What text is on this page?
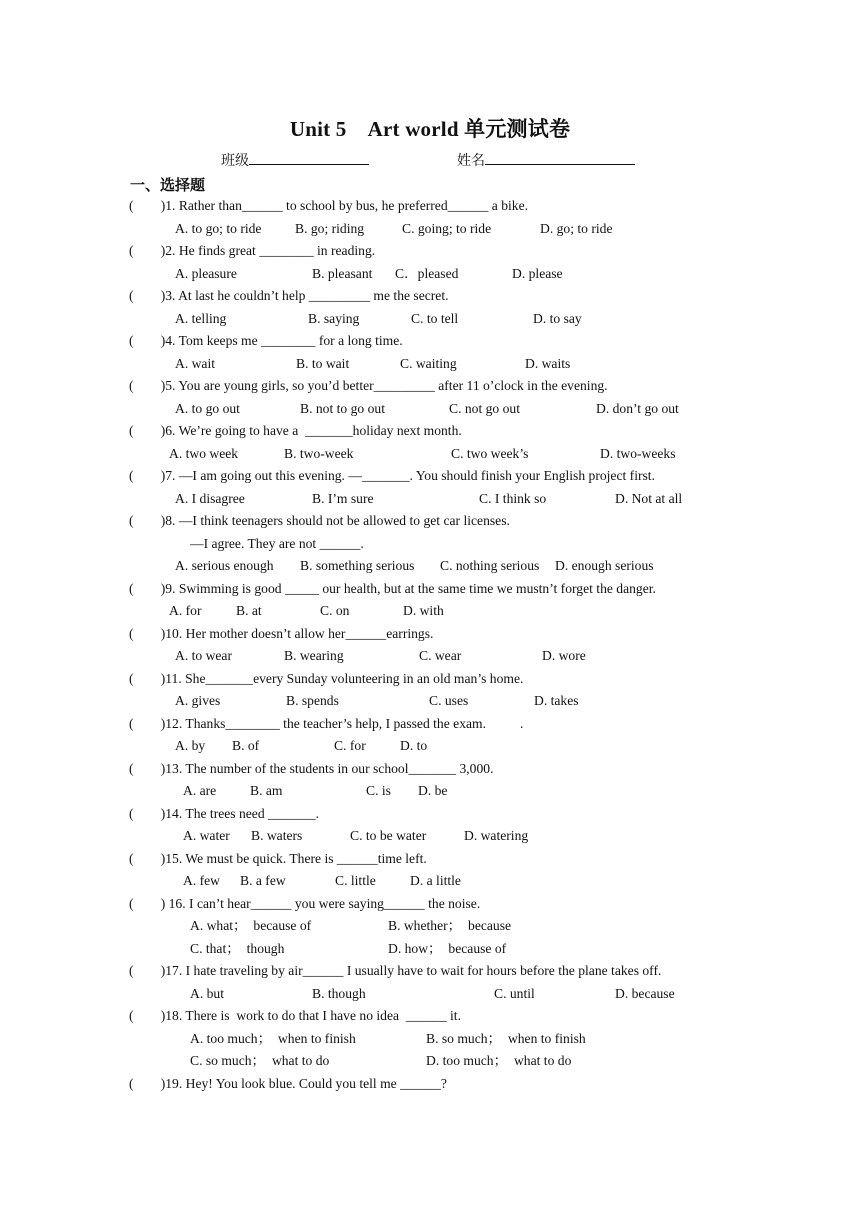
Unit 5　Art world 单元测试卷
班级	姓名
一、选择题
(        )1. Rather than______ to school by bus, he preferred______ a bike.
A. to go; to ride B. go; riding	C. going; to ride	D. go; to ride
(        )2. He finds great ________ in reading.
A. pleasure	B. pleasant C．pleased	D. please
(        )3. At last he couldn’t help _________ me the secret.
A. telling	B. saying	C. to tell	D. to say
(        )4. Tom keeps me ________ for a long time.
A. wait	B. to wait	C. waiting	D. waits
(        )5. You are young girls, so you’d better_________ after 11 o’clock in the evening.
A. to go out	B. not to go out	C. not go out	D. don’t go out
(        )6. We’re going to have a  _______holiday next month.
A. two week	B. two-week	C. two week’s	D. two-weeks
(        )7. —I am going out this evening. —_______. You should finish your English project first.
A. I disagree	B. I’m sure	C. I think so	D. Not at all
(        )8. —I think teenagers should not be allowed to get car licenses.
—I agree. They are not ______.
A. serious enough B. something serious C. nothing serious D. enough serious
(        )9. Swimming is good _____ our health, but at the same time we mustn’t forget the danger.
A. for	B. at	C. on	D. with
(        )10. Her mother doesn’t allow her______earrings.
A. to wear	B. wearing	C. wear	D. wore
(        )11. She_______every Sunday volunteering in an old man’s home.
A. gives	B. spends	C. uses	D. takes
(        )12. Thanks________ the teacher’s help, I passed the exam.          .
A. by B. of	C. for	D. to
(        )13. The number of the students in our school_______ 3,000.
A. are B. am	C. is D. be
(        )14. The trees need _______.
A. water B. waters	C. to be water	D. watering
(        )15. We must be quick. There is ______time left.
A. few B. a few	C. little	D. a little
(        ) 16. I can’t hear______ you were saying______ the noise.
A. what；  because of	B. whether；  because
C. that；  though	D. how；  because of
(        )17. I hate traveling by air______ I usually have to wait for hours before the plane takes off.
A. but	B. though	C. until	D. because
(        )18. There is  work to do that I have no idea  ______ it.
A. too much；  when to finish	B. so much；  when to finish
C. so much；  what to do	D. too much；  what to do
(        )19. Hey! You look blue. Could you tell me ______?
